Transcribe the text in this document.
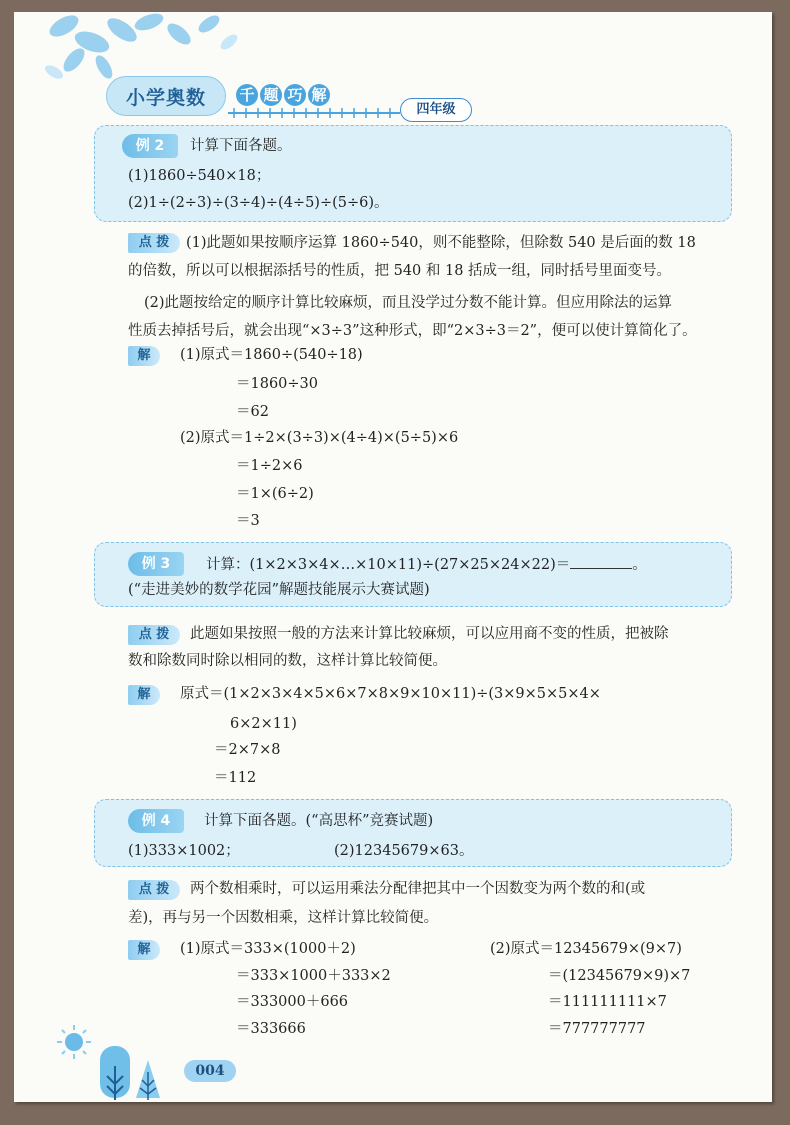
小学奥数	千 题 巧 解
四年级
例 2	计算下面各题。
(1)1860÷540×18；
(2)1÷(2÷3)÷(3÷4)÷(4÷5)÷(5÷6)。
点 拨	(1)此题如果按顺序运算 1860÷540，则不能整除，但除数 540 是后面的数 18
的倍数，所以可以根据添括号的性质，把 540 和 18 括成一组，同时括号里面变号。
(2)此题按给定的顺序计算比较麻烦，而且没学过分数不能计算。但应用除法的运算
性质去掉括号后，就会出现“×3÷3”这种形式，即“2×3÷3＝2”，便可以使计算简化了。
解	(1)原式＝1860÷(540÷18)
＝1860÷30
＝62
(2)原式＝1÷2×(3÷3)×(4÷4)×(5÷5)×6
＝1÷2×6
＝1×(6÷2)
＝3
例 3	计算：(1×2×3×4×…×10×11)÷(27×25×24×22)＝	。
(“走进美妙的数学花园”解题技能展示大赛试题)
点 拨	此题如果按照一般的方法来计算比较麻烦，可以应用商不变的性质，把被除
数和除数同时除以相同的数，这样计算比较简便。
解	原式＝(1×2×3×4×5×6×7×8×9×10×11)÷(3×9×5×5×4×
6×2×11)
＝2×7×8
＝112
例 4	计算下面各题。(“高思杯”竞赛试题)
(1)333×1002；	(2)12345679×63。
点 拨	两个数相乘时，可以运用乘法分配律把其中一个因数变为两个数的和(或
差)，再与另一个因数相乘，这样计算比较简便。
解	(1)原式＝333×(1000＋2)
＝333×1000＋333×2
＝333000＋666
＝333666
(2)原式＝12345679×(9×7)
＝(12345679×9)×7
＝111111111×7
＝777777777
004
